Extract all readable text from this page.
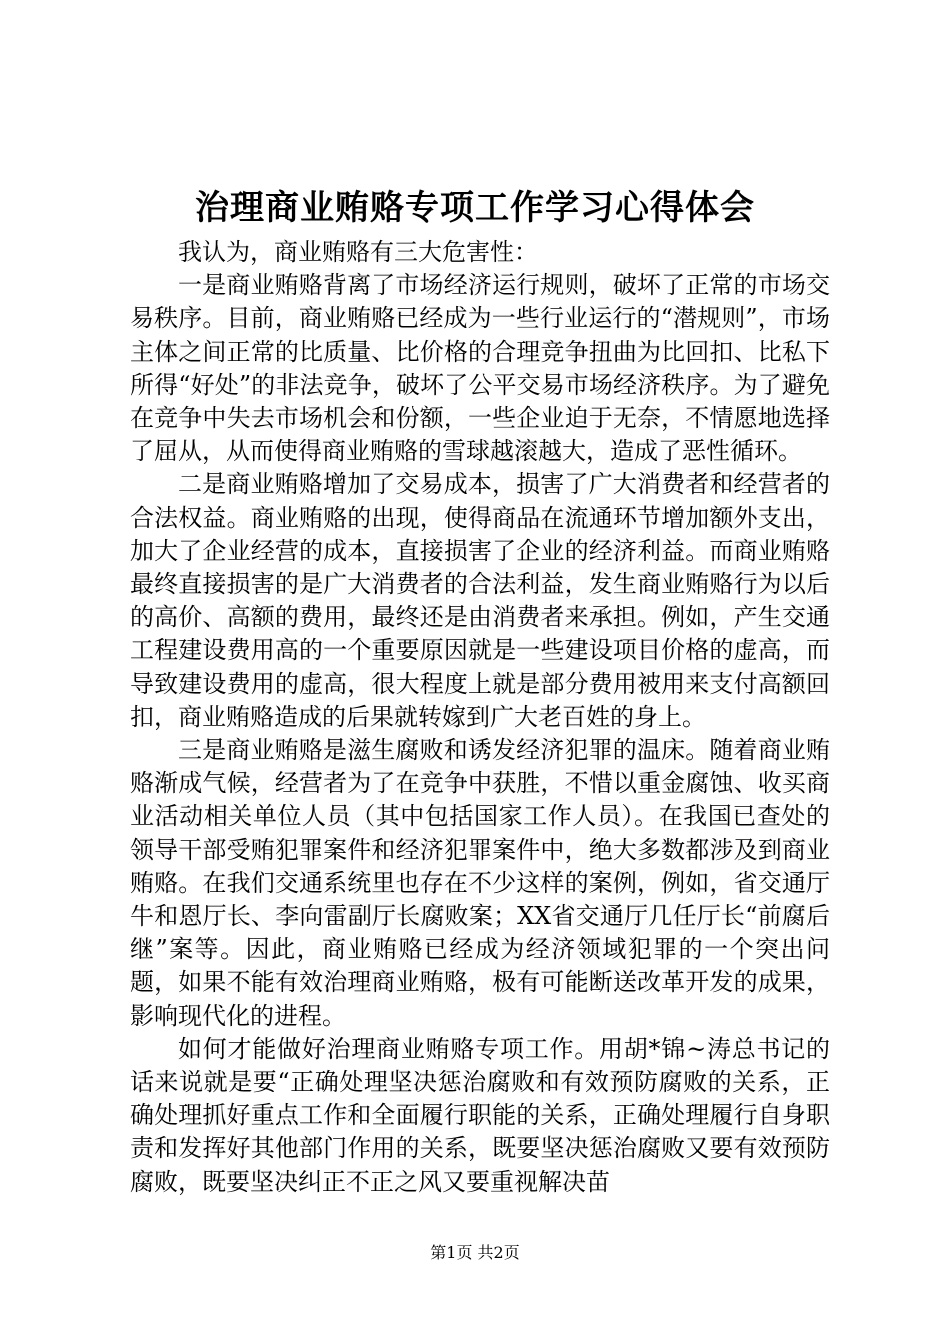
治理商业贿赂专项工作学习心得体会

我认为，商业贿赂有三大危害性：

一是商业贿赂背离了市场经济运行规则，破坏了正常的市场交易秩序。目前，商业贿赂已经成为一些行业运行的“潜规则”，市场主体之间正常的比质量、比价格的合理竞争扭曲为比回扣、比私下所得“好处”的非法竞争，破坏了公平交易市场经济秩序。为了避免在竞争中失去市场机会和份额，一些企业迫于无奈，不情愿地选择了屈从，从而使得商业贿赂的雪球越滚越大，造成了恶性循环。

二是商业贿赂增加了交易成本，损害了广大消费者和经营者的合法权益。商业贿赂的出现，使得商品在流通环节增加额外支出，加大了企业经营的成本，直接损害了企业的经济利益。而商业贿赂最终直接损害的是广大消费者的合法利益，发生商业贿赂行为以后的高价、高额的费用，最终还是由消费者来承担。例如，产生交通工程建设费用高的一个重要原因就是一些建设项目价格的虚高，而导致建设费用的虚高，很大程度上就是部分费用被用来支付高额回扣，商业贿赂造成的后果就转嫁到广大老百姓的身上。

三是商业贿赂是滋生腐败和诱发经济犯罪的温床。随着商业贿赂渐成气候，经营者为了在竞争中获胜，不惜以重金腐蚀、收买商业活动相关单位人员（其中包括国家工作人员）。在我国已查处的领导干部受贿犯罪案件和经济犯罪案件中，绝大多数都涉及到商业贿赂。在我们交通系统里也存在不少这样的案例，例如，省交通厅牛和恩厅长、李向雷副厅长腐败案；XX省交通厅几任厅长“前腐后继”案等。因此，商业贿赂已经成为经济领域犯罪的一个突出问题，如果不能有效治理商业贿赂，极有可能断送改革开发的成果，影响现代化的进程。

如何才能做好治理商业贿赂专项工作。用胡*锦~涛总书记的话来说就是要“正确处理坚决惩治腐败和有效预防腐败的关系，正确处理抓好重点工作和全面履行职能的关系，正确处理履行自身职责和发挥好其他部门作用的关系，既要坚决惩治腐败又要有效预防腐败，既要坚决纠正不正之风又要重视解决苗

第1页 共2页
